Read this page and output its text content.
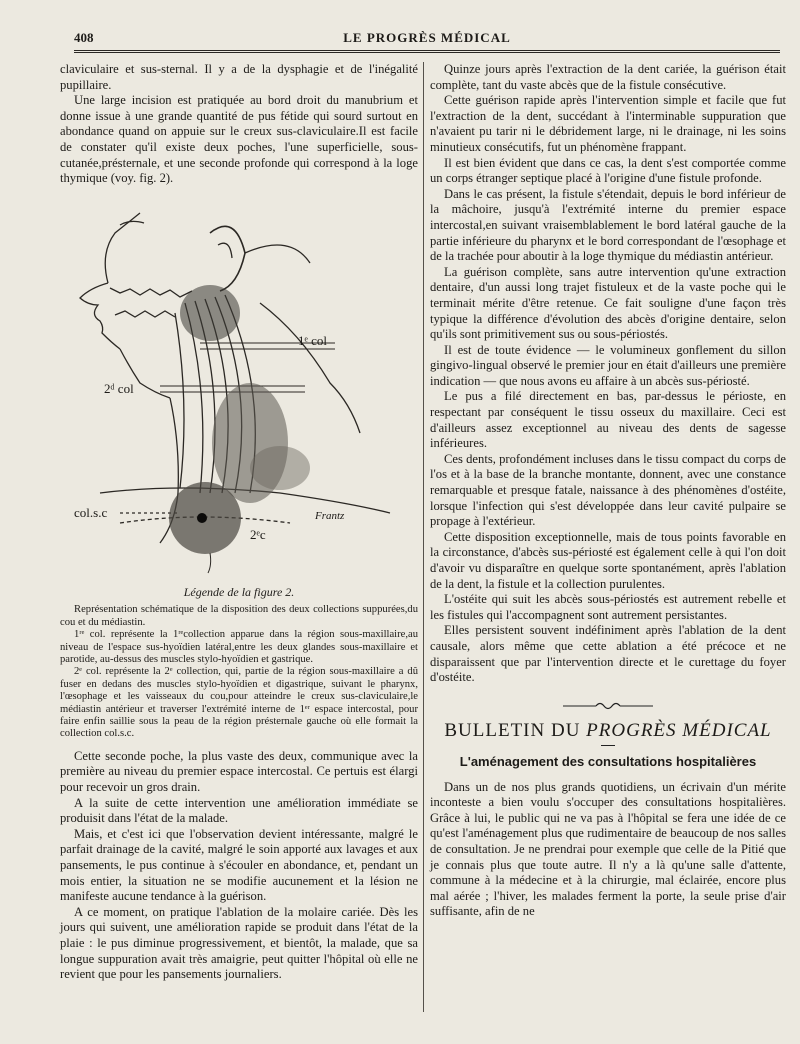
408	LE PROGRÈS MÉDICAL

claviculaire et sus-sternal. Il y a de la dysphagie et de l'inégalité pupillaire.

Une large incision est pratiquée au bord droit du manubrium et donne issue à une grande quantité de pus fétide qui sourd surtout en abondance quand on appuie sur le creux sus-claviculaire.Il est facile de constater qu'il existe deux poches, l'une superficielle, sous-cutanée,présternale, et une seconde profonde qui correspond à la loge thymique (voy. fig. 2).

1ᵉ col
2ᵈ col
col.s.c
2ᵉc
Frantz
Légende de la figure 2.

Représentation schématique de la disposition des deux collections suppurées,du cou et du médiastin.

1ʳᵉ col. représente la 1ʳᵉcollection apparue dans la région sous-maxillaire,au niveau de l'espace sus-hyoïdien latéral,entre les deux glandes sous-maxillaire et parotide, au-dessus des muscles stylo-hyoïdien et gastrique.

2ᵉ col. représente la 2ᵉ collection, qui, partie de la région sous-maxillaire a dû fuser en dedans des muscles stylo-hyoïdien et digastrique, suivant le pharynx, l'œsophage et les vaisseaux du cou,pour atteindre le creux sus-claviculaire,le médiastin antérieur et traverser l'extrémité interne de 1ᵉʳ espace intercostal, pour faire enfin saillie sous la peau de la région présternale gauche où elle formait la collection col.s.c.

Cette seconde poche, la plus vaste des deux, communique avec la première au niveau du premier espace intercostal. Ce pertuis est élargi pour recevoir un gros drain.

A la suite de cette intervention une amélioration immédiate se produisit dans l'état de la malade.

Mais, et c'est ici que l'observation devient intéressante, malgré le parfait drainage de la cavité, malgré le soin apporté aux lavages et aux pansements, le pus continue à s'écouler en abondance, et, pendant un mois entier, la situation ne se modifie aucunement et la lésion ne manifeste aucune tendance à la guérison.

A ce moment, on pratique l'ablation de la molaire cariée. Dès les jours qui suivent, une amélioration rapide se produit dans l'état de la plaie : le pus diminue progressivement, et bientôt, la malade, que sa longue suppuration avait très amaigrie, peut quitter l'hôpital où elle ne revient que pour les pansements journaliers.

Quinze jours après l'extraction de la dent cariée, la guérison était complète, tant du vaste abcès que de la fistule consécutive.

Cette guérison rapide après l'intervention simple et facile que fut l'extraction de la dent, succédant à l'interminable suppuration que n'avaient pu tarir ni le débridement large, ni le drainage, ni les soins minutieux consécutifs, fut un phénomène frappant.

Il est bien évident que dans ce cas, la dent s'est comportée comme un corps étranger septique placé à l'origine d'une fistule profonde.

Dans le cas présent, la fistule s'étendait, depuis le bord inférieur de la mâchoire, jusqu'à l'extrémité interne du premier espace intercostal,en suivant vraisemblablement le bord latéral gauche de la partie inférieure du pharynx et le bord correspondant de l'œsophage et de la trachée pour aboutir à la loge thymique du médiastin antérieur.

La guérison complète, sans autre intervention qu'une extraction dentaire, d'un aussi long trajet fistuleux et de la vaste poche qui le terminait mérite d'être retenue. Ce fait souligne d'une façon très typique la différence d'évolution des abcès d'origine dentaire, selon qu'ils sont primitivement sus ou sous-périostés.

Il est de toute évidence — le volumineux gonflement du sillon gingivo-lingual observé le premier jour en était d'ailleurs une première indication — que nous avons eu affaire à un abcès sus-périosté.

Le pus a filé directement en bas, par-dessus le périoste, en respectant par conséquent le tissu osseux du maxillaire. Ceci est d'ailleurs assez exceptionnel au niveau des dents de sagesse inférieures.

Ces dents, profondément incluses dans le tissu compact du corps de l'os et à la base de la branche montante, donnent, avec une constance remarquable et presque fatale, naissance à des phénomènes d'ostéite, lorsque l'infection qui s'est développée dans leur cavité pulpaire se propage à l'extérieur.

Cette disposition exceptionnelle, mais de tous points favorable en la circonstance, d'abcès sus-périosté est également celle à qui l'on doit d'avoir vu disparaître en quelque sorte spontanément, après l'ablation de la dent, la fistule et la collection purulentes.

L'ostéite qui suit les abcès sous-périostés est autrement rebelle et les fistules qui l'accompagnent sont autrement persistantes.

Elles persistent souvent indéfiniment après l'ablation de la dent causale, alors même que cette ablation a été précoce et ne disparaissent que par l'intervention directe et le curettage du foyer d'ostéite.

BULLETIN DU PROGRÈS MÉDICAL
L'aménagement des consultations hospitalières

Dans un de nos plus grands quotidiens, un écrivain d'un mérite inconteste a bien voulu s'occuper des consultations hospitalières. Grâce à lui, le public qui ne va pas à l'hôpital se fera une idée de ce qu'est l'aménagement plus que rudimentaire de beaucoup de nos salles de consultation. Je ne prendrai pour exemple que celle de la Pitié que je connais plus que toute autre. Il n'y a là qu'une salle d'attente, commune à la médecine et à la chirurgie, mal éclairée, encore plus mal aérée ; l'hiver, les malades ferment la porte, la seule prise d'air suffisante, afin de ne
